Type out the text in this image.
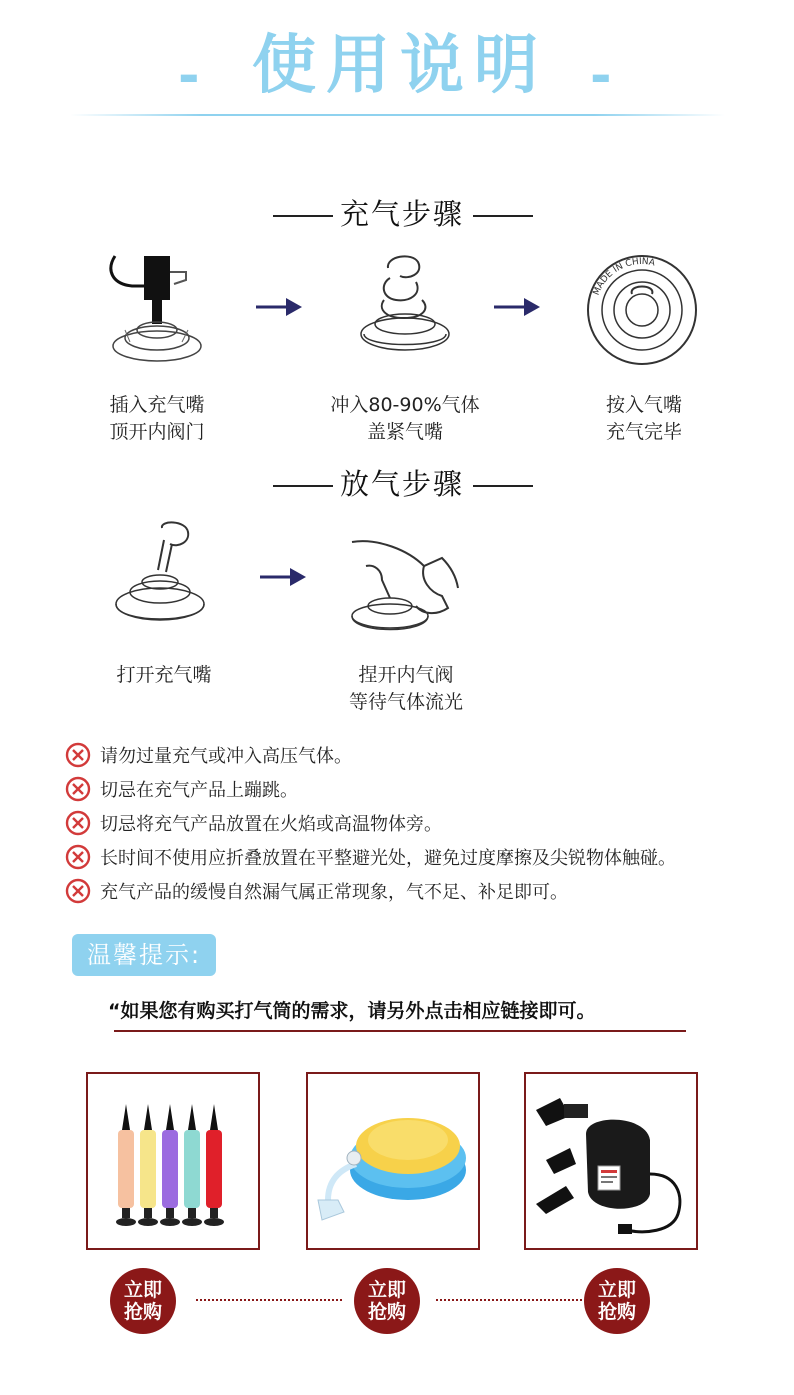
- 使用说明 -
充气步骤
插入充气嘴
顶开内阀门
冲入80-90%气体
盖紧气嘴
MADE IN CHINA
按入气嘴
充气完毕
放气步骤
打开充气嘴	捏开内气阀
等待气体流光
请勿过量充气或冲入高压气体。
切忌在充气产品上蹦跳。
切忌将充气产品放置在火焰或高温物体旁。
长时间不使用应折叠放置在平整避光处，避免过度摩擦及尖锐物体触碰。
充气产品的缓慢自然漏气属正常现象，气不足、补足即可。
温馨提示:
“如果您有购买打气筒的需求，请另外点击相应链接即可。
立即
抢购
立即
抢购
立即
抢购
